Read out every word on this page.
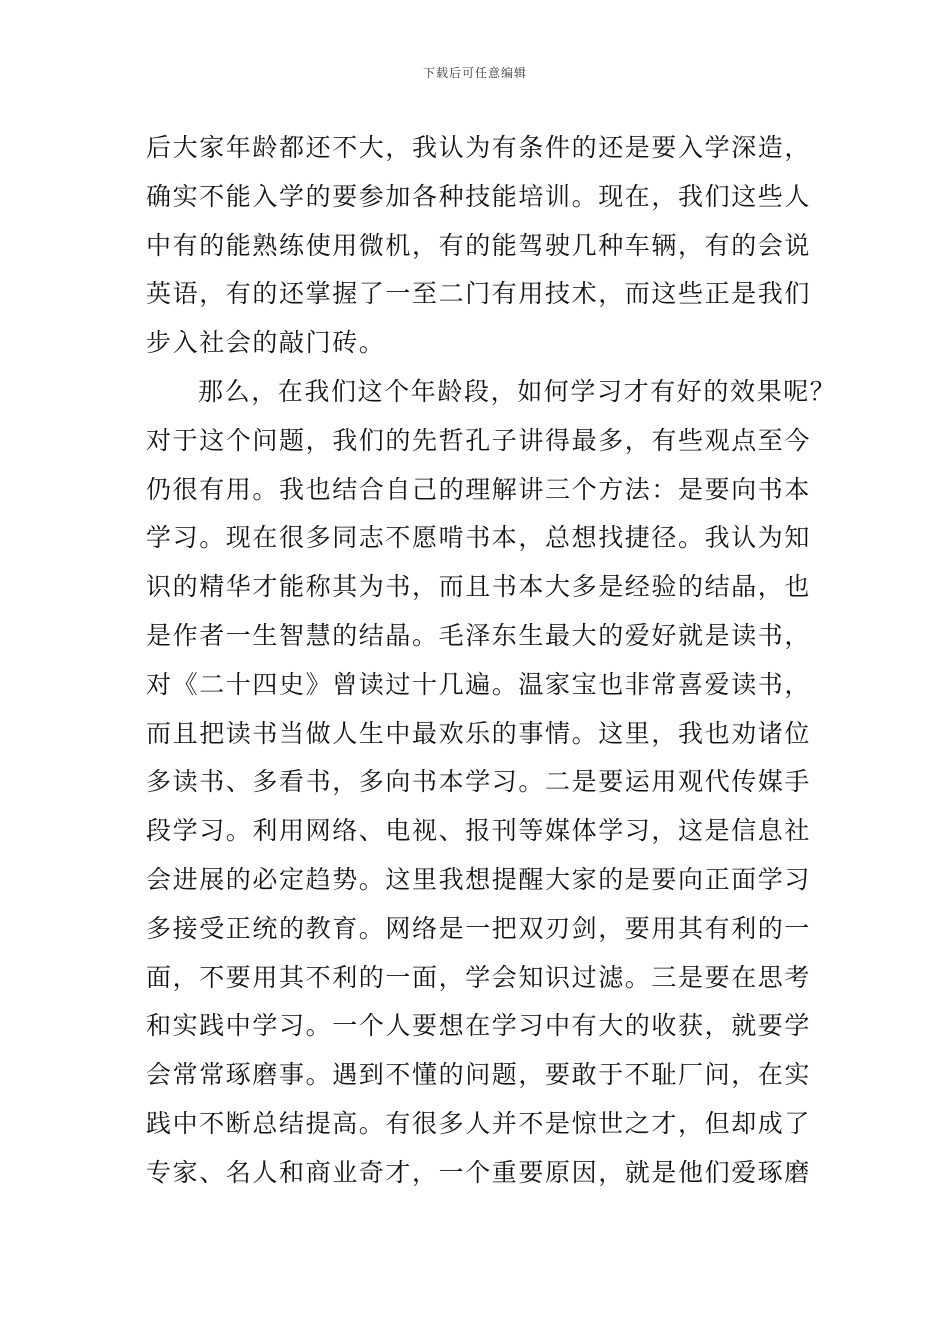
下载后可任意编辑
后大家年龄都还不大，我认为有条件的还是要入学深造，
确实不能入学的要参加各种技能培训。现在，我们这些人
中有的能熟练使用微机，有的能驾驶几种车辆，有的会说
英语，有的还掌握了一至二门有用技术，而这些正是我们
步入社会的敲门砖。
那么，在我们这个年龄段，如何学习才有好的效果呢？
对于这个问题，我们的先哲孔子讲得最多，有些观点至今
仍很有用。我也结合自己的理解讲三个方法：是要向书本
学习。现在很多同志不愿啃书本，总想找捷径。我认为知
识的精华才能称其为书，而且书本大多是经验的结晶，也
是作者一生智慧的结晶。毛泽东生最大的爱好就是读书，
对《二十四史》曾读过十几遍。温家宝也非常喜爱读书，
而且把读书当做人生中最欢乐的事情。这里，我也劝诸位
多读书、多看书，多向书本学习。二是要运用观代传媒手
段学习。利用网络、电视、报刊等媒体学习，这是信息社
会进展的必定趋势。这里我想提醒大家的是要向正面学习
多接受正统的教育。网络是一把双刃剑，要用其有利的一
面，不要用其不利的一面，学会知识过滤。三是要在思考
和实践中学习。一个人要想在学习中有大的收获，就要学
会常常琢磨事。遇到不懂的问题，要敢于不耻厂问，在实
践中不断总结提高。有很多人并不是惊世之才，但却成了
专家、名人和商业奇才，一个重要原因，就是他们爱琢磨
